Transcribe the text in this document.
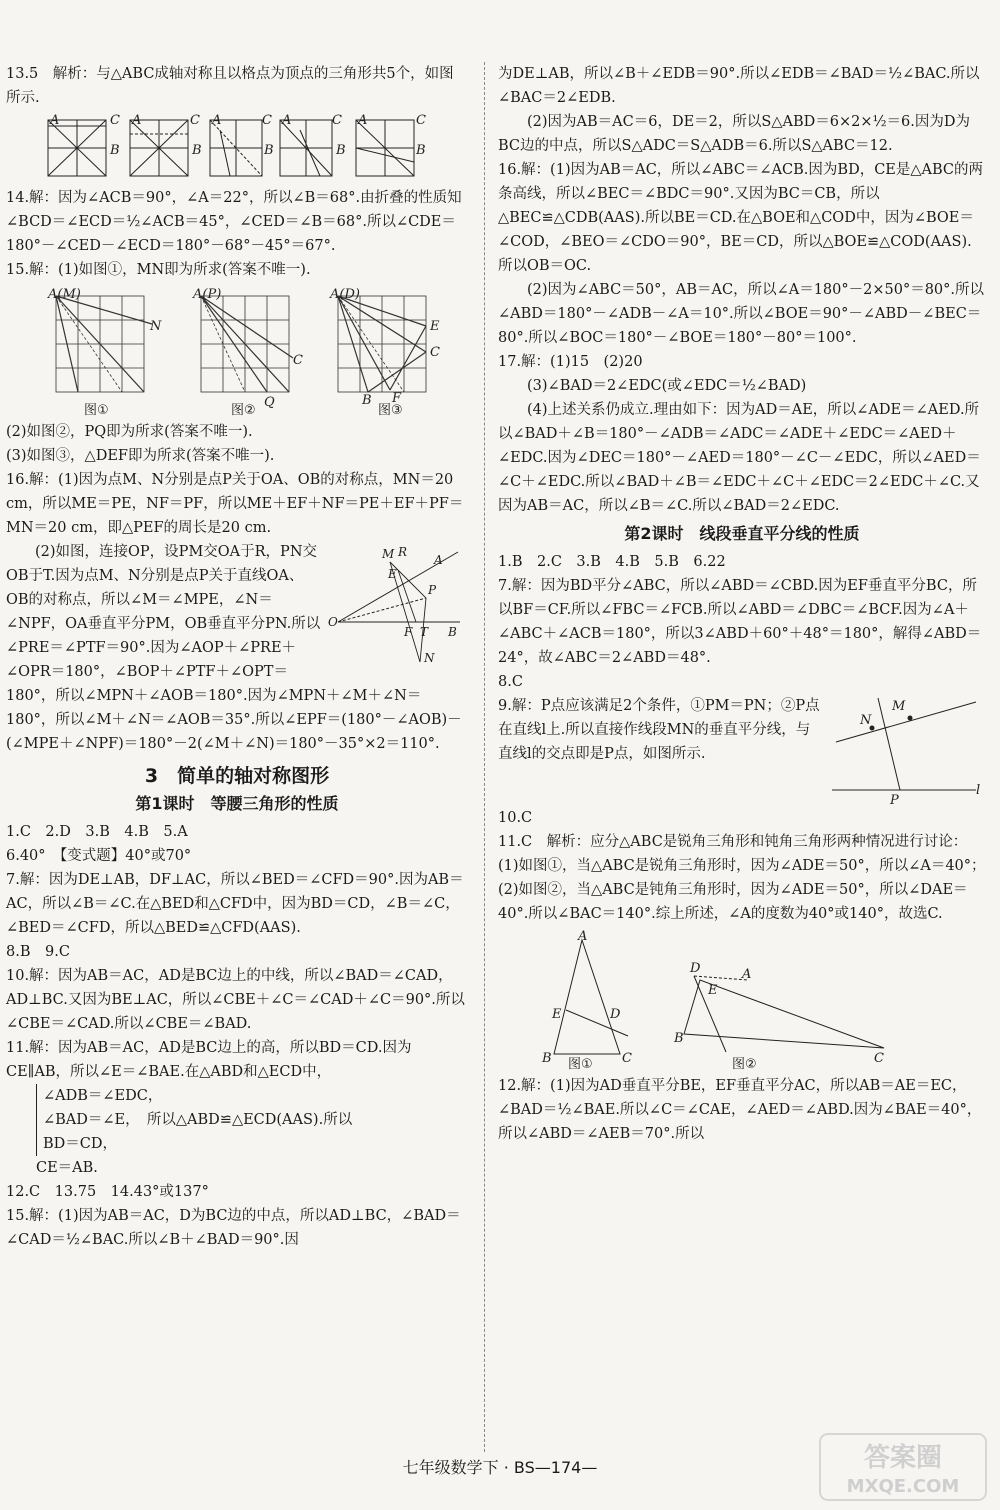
13.5　解析：与△ABC成轴对称且以格点为顶点的三角形共5个，如图所示.

A	C
B
A	C
B
A	C
B
A	C
B
A	C
B

14.解：因为∠ACB＝90°，∠A＝22°，所以∠B＝68°.由折叠的性质知∠BCD＝∠ECD＝½∠ACB＝45°，∠CED＝∠B＝68°.所以∠CDE＝180°－∠CED－∠ECD＝180°－68°－45°＝67°.

15.解：(1)如图①，MN即为所求(答案不唯一).

A(M)
N
A(P)
C
Q
A(D)
E
C
B F
图①	图②	图③

(2)如图②，PQ即为所求(答案不唯一).

(3)如图③，△DEF即为所求(答案不唯一).

16.解：(1)因为点M、N分别是点P关于OA、OB的对称点，MN＝20 cm，所以ME＝PE，NF＝PF，所以ME＋EF＋NF＝PE＋EF＋PF＝MN＝20 cm，即△PEF的周长是20 cm.

M R
A
E
P
O
F T B
N

(2)如图，连接OP，设PM交OA于R，PN交OB于T.因为点M、N分别是点P关于直线OA、OB的对称点，所以∠M＝∠MPE，∠N＝∠NPF，OA垂直平分PM，OB垂直平分PN.所以∠PRE＝∠PTF＝90°.因为∠AOP＋∠PRE＋∠OPR＝180°，∠BOP＋∠PTF＋∠OPT＝180°，所以∠MPN＋∠AOB＝180°.因为∠MPN＋∠M＋∠N＝180°，所以∠M＋∠N＝∠AOB＝35°.所以∠EPF＝(180°－∠AOB)－(∠MPE＋∠NPF)＝180°－2(∠M＋∠N)＝180°－35°×2＝110°.

3　简单的轴对称图形
第1课时　等腰三角形的性质

1.C　2.D　3.B　4.B　5.A

6.40°　【变式题】40°或70°

7.解：因为DE⊥AB，DF⊥AC，所以∠BED＝∠CFD＝90°.因为AB＝AC，所以∠B＝∠C.在△BED和△CFD中，因为BD＝CD，∠B＝∠C，∠BED＝∠CFD，所以△BED≌△CFD(AAS).

8.B　9.C

10.解：因为AB＝AC，AD是BC边上的中线，所以∠BAD＝∠CAD，AD⊥BC.又因为BE⊥AC，所以∠CBE＋∠C＝∠CAD＋∠C＝90°.所以∠CBE＝∠CAD.所以∠CBE＝∠BAD.

11.解：因为AB＝AC，AD是BC边上的高，所以BD＝CD.因为CE∥AB，所以∠E＝∠BAE.在△ABD和△ECD中，

∠ADB＝∠EDC，
∠BAD＝∠E，　所以△ABD≌△ECD(AAS).所以
BD＝CD，

CE＝AB.

12.C　13.75　14.43°或137°

15.解：(1)因为AB＝AC，D为BC边的中点，所以AD⊥BC，∠BAD＝∠CAD＝½∠BAC.所以∠B＋∠BAD＝90°.因

为DE⊥AB，所以∠B＋∠EDB＝90°.所以∠EDB＝∠BAD＝½∠BAC.所以∠BAC＝2∠EDB.

(2)因为AB＝AC＝6，DE＝2，所以S△ABD＝6×2×½＝6.因为D为BC边的中点，所以S△ADC＝S△ADB＝6.所以S△ABC＝12.

16.解：(1)因为AB＝AC，所以∠ABC＝∠ACB.因为BD，CE是△ABC的两条高线，所以∠BEC＝∠BDC＝90°.又因为BC＝CB，所以△BEC≌△CDB(AAS).所以BE＝CD.在△BOE和△COD中，因为∠BOE＝∠COD，∠BEO＝∠CDO＝90°，BE＝CD，所以△BOE≌△COD(AAS).所以OB＝OC.

(2)因为∠ABC＝50°，AB＝AC，所以∠A＝180°－2×50°＝80°.所以∠ABD＝180°－∠ADB－∠A＝10°.所以∠BOE＝90°－∠ABD－∠BEC＝80°.所以∠BOC＝180°－∠BOE＝180°－80°＝100°.

17.解：(1)15　(2)20

(3)∠BAD＝2∠EDC(或∠EDC＝½∠BAD)

(4)上述关系仍成立.理由如下：因为AD＝AE，所以∠ADE＝∠AED.所以∠BAD＋∠B＝180°－∠ADB＝∠ADC＝∠ADE＋∠EDC＝∠AED＋∠EDC.因为∠DEC＝180°－∠AED＝180°－∠C－∠EDC，所以∠AED＝∠C＋∠EDC.所以∠BAD＋∠B＝∠EDC＋∠C＋∠EDC＝2∠EDC＋∠C.又因为AB＝AC，所以∠B＝∠C.所以∠BAD＝2∠EDC.

第2课时　线段垂直平分线的性质

1.B　2.C　3.B　4.B　5.B　6.22

7.解：因为BD平分∠ABC，所以∠ABD＝∠CBD.因为EF垂直平分BC，所以BF＝CF.所以∠FBC＝∠FCB.所以∠ABD＝∠DBC＝∠BCF.因为∠A＋∠ABC＋∠ACB＝180°，所以3∠ABD＋60°＋48°＝180°，解得∠ABD＝24°，故∠ABC＝2∠ABD＝48°.

8.C

N
M
P
l

9.解：P点应该满足2个条件，①PM＝PN；②P点在直线l上.所以直接作线段MN的垂直平分线，与直线l的交点即是P点，如图所示.

10.C

11.C　解析：应分△ABC是锐角三角形和钝角三角形两种情况进行讨论：(1)如图①，当△ABC是锐角三角形时，因为∠ADE＝50°，所以∠A＝40°；(2)如图②，当△ABC是钝角三角形时，因为∠ADE＝50°，所以∠DAE＝40°.所以∠BAC＝140°.综上所述，∠A的度数为40°或140°，故选C.

A
E	D
B	C
D	A
E
B
C
图①	图②

12.解：(1)因为AD垂直平分BE，EF垂直平分AC，所以AB＝AE＝EC，∠BAD＝½∠BAE.所以∠C＝∠CAE，∠AED＝∠ABD.因为∠BAE＝40°，所以∠ABD＝∠AEB＝70°.所以

七年级数学下 · BS—174—	答案圈
MXQE.COM
